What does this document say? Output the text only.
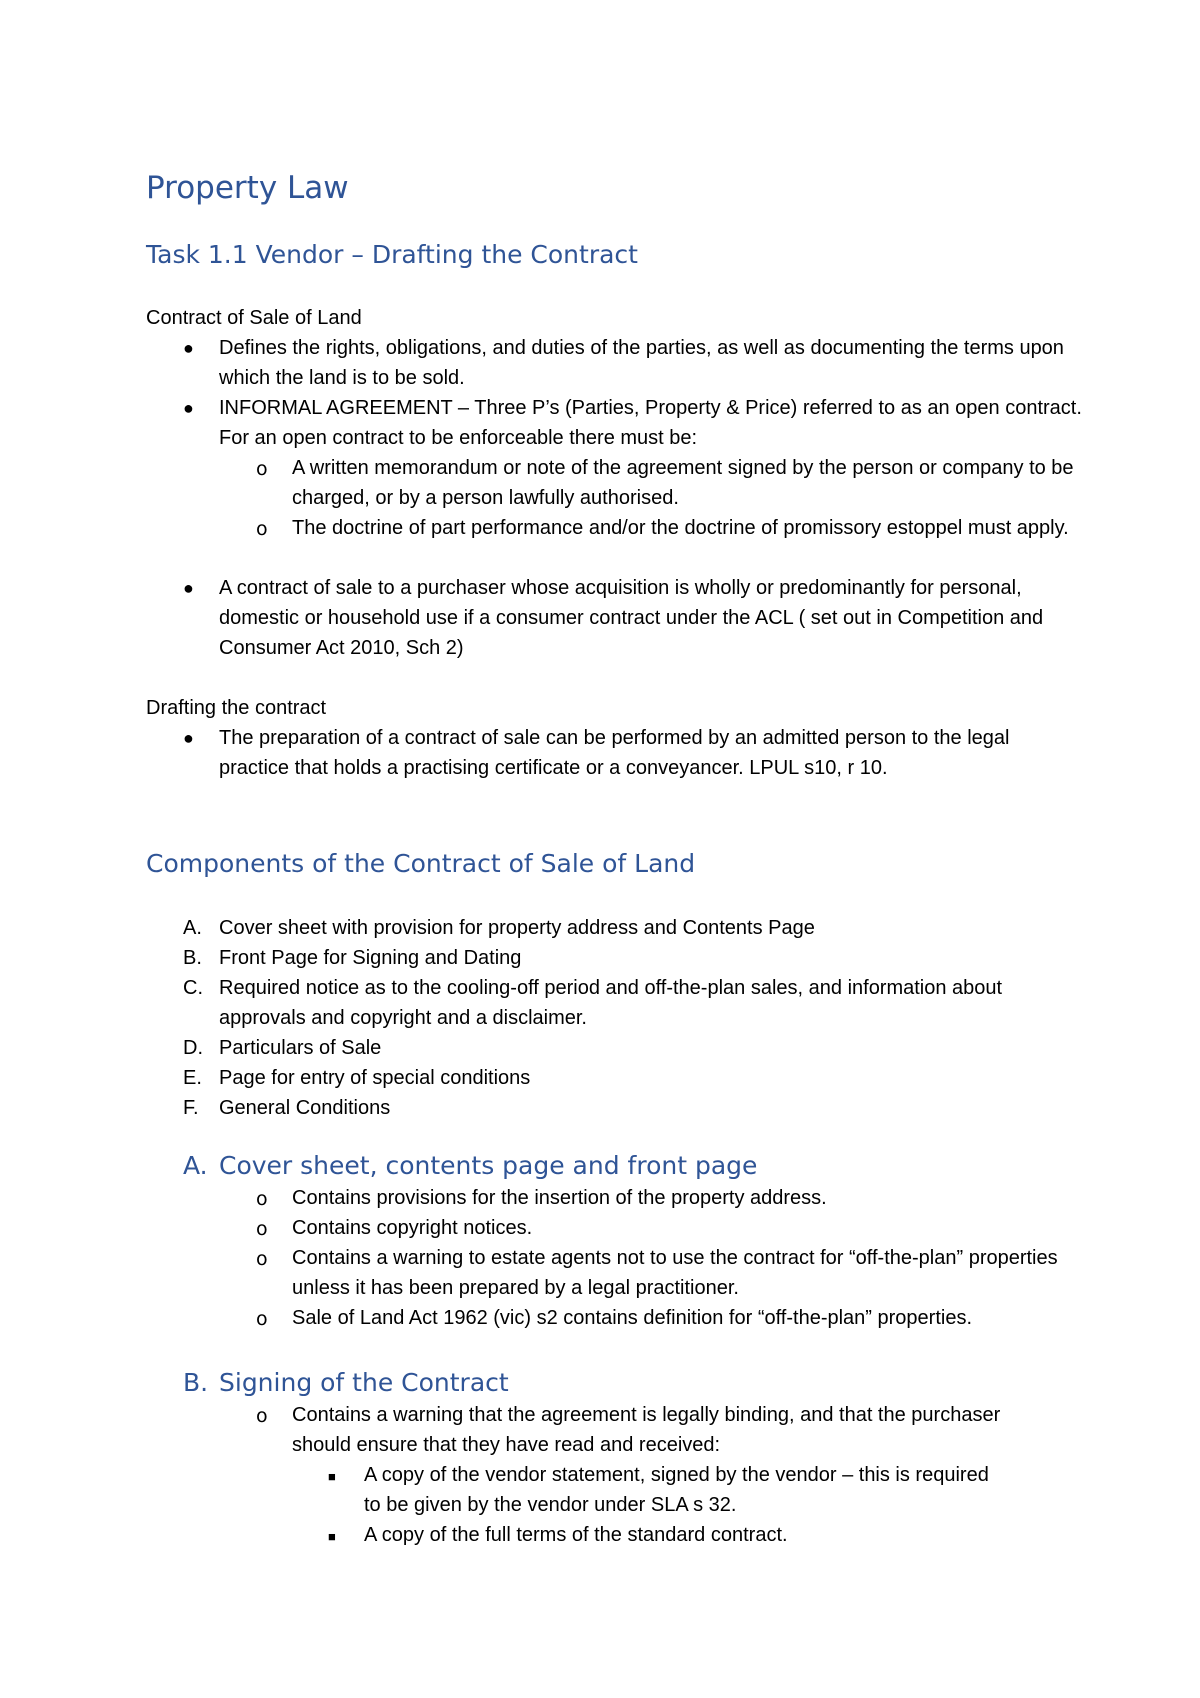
Property Law
Task 1.1 Vendor – Drafting the Contract
Contract of Sale of Land
● Defines the rights, obligations, and duties of the parties, as well as documenting the terms upon which the land is to be sold.
● INFORMAL AGREEMENT – Three P’s (Parties, Property & Price) referred to as an open contract. For an open contract to be enforceable there must be:
o A written memorandum or note of the agreement signed by the person or company to be charged, or by a person lawfully authorised.
o The doctrine of part performance and/or the doctrine of promissory estoppel must apply.
● A contract of sale to a purchaser whose acquisition is wholly or predominantly for personal, domestic or household use if a consumer contract under the ACL ( set out in Competition and Consumer Act 2010, Sch 2)
Drafting the contract
● The preparation of a contract of sale can be performed by an admitted person to the legal practice that holds a practising certificate or a conveyancer. LPUL s10, r 10.
Components of the Contract of Sale of Land
A. Cover sheet with provision for property address and Contents Page
B. Front Page for Signing and Dating
C. Required notice as to the cooling-off period and off-the-plan sales, and information about approvals and copyright and a disclaimer.
D. Particulars of Sale
E. Page for entry of special conditions
F. General Conditions
A. Cover sheet, contents page and front page
o Contains provisions for the insertion of the property address.
o Contains copyright notices.
o Contains a warning to estate agents not to use the contract for “off-the-plan” properties unless it has been prepared by a legal practitioner.
o Sale of Land Act 1962 (vic) s2 contains definition for “off-the-plan” properties.
B. Signing of the Contract
o Contains a warning that the agreement is legally binding, and that the purchaser should ensure that they have read and received:
■ A copy of the vendor statement, signed by the vendor – this is required to be given by the vendor under SLA s 32.
■ A copy of the full terms of the standard contract.
